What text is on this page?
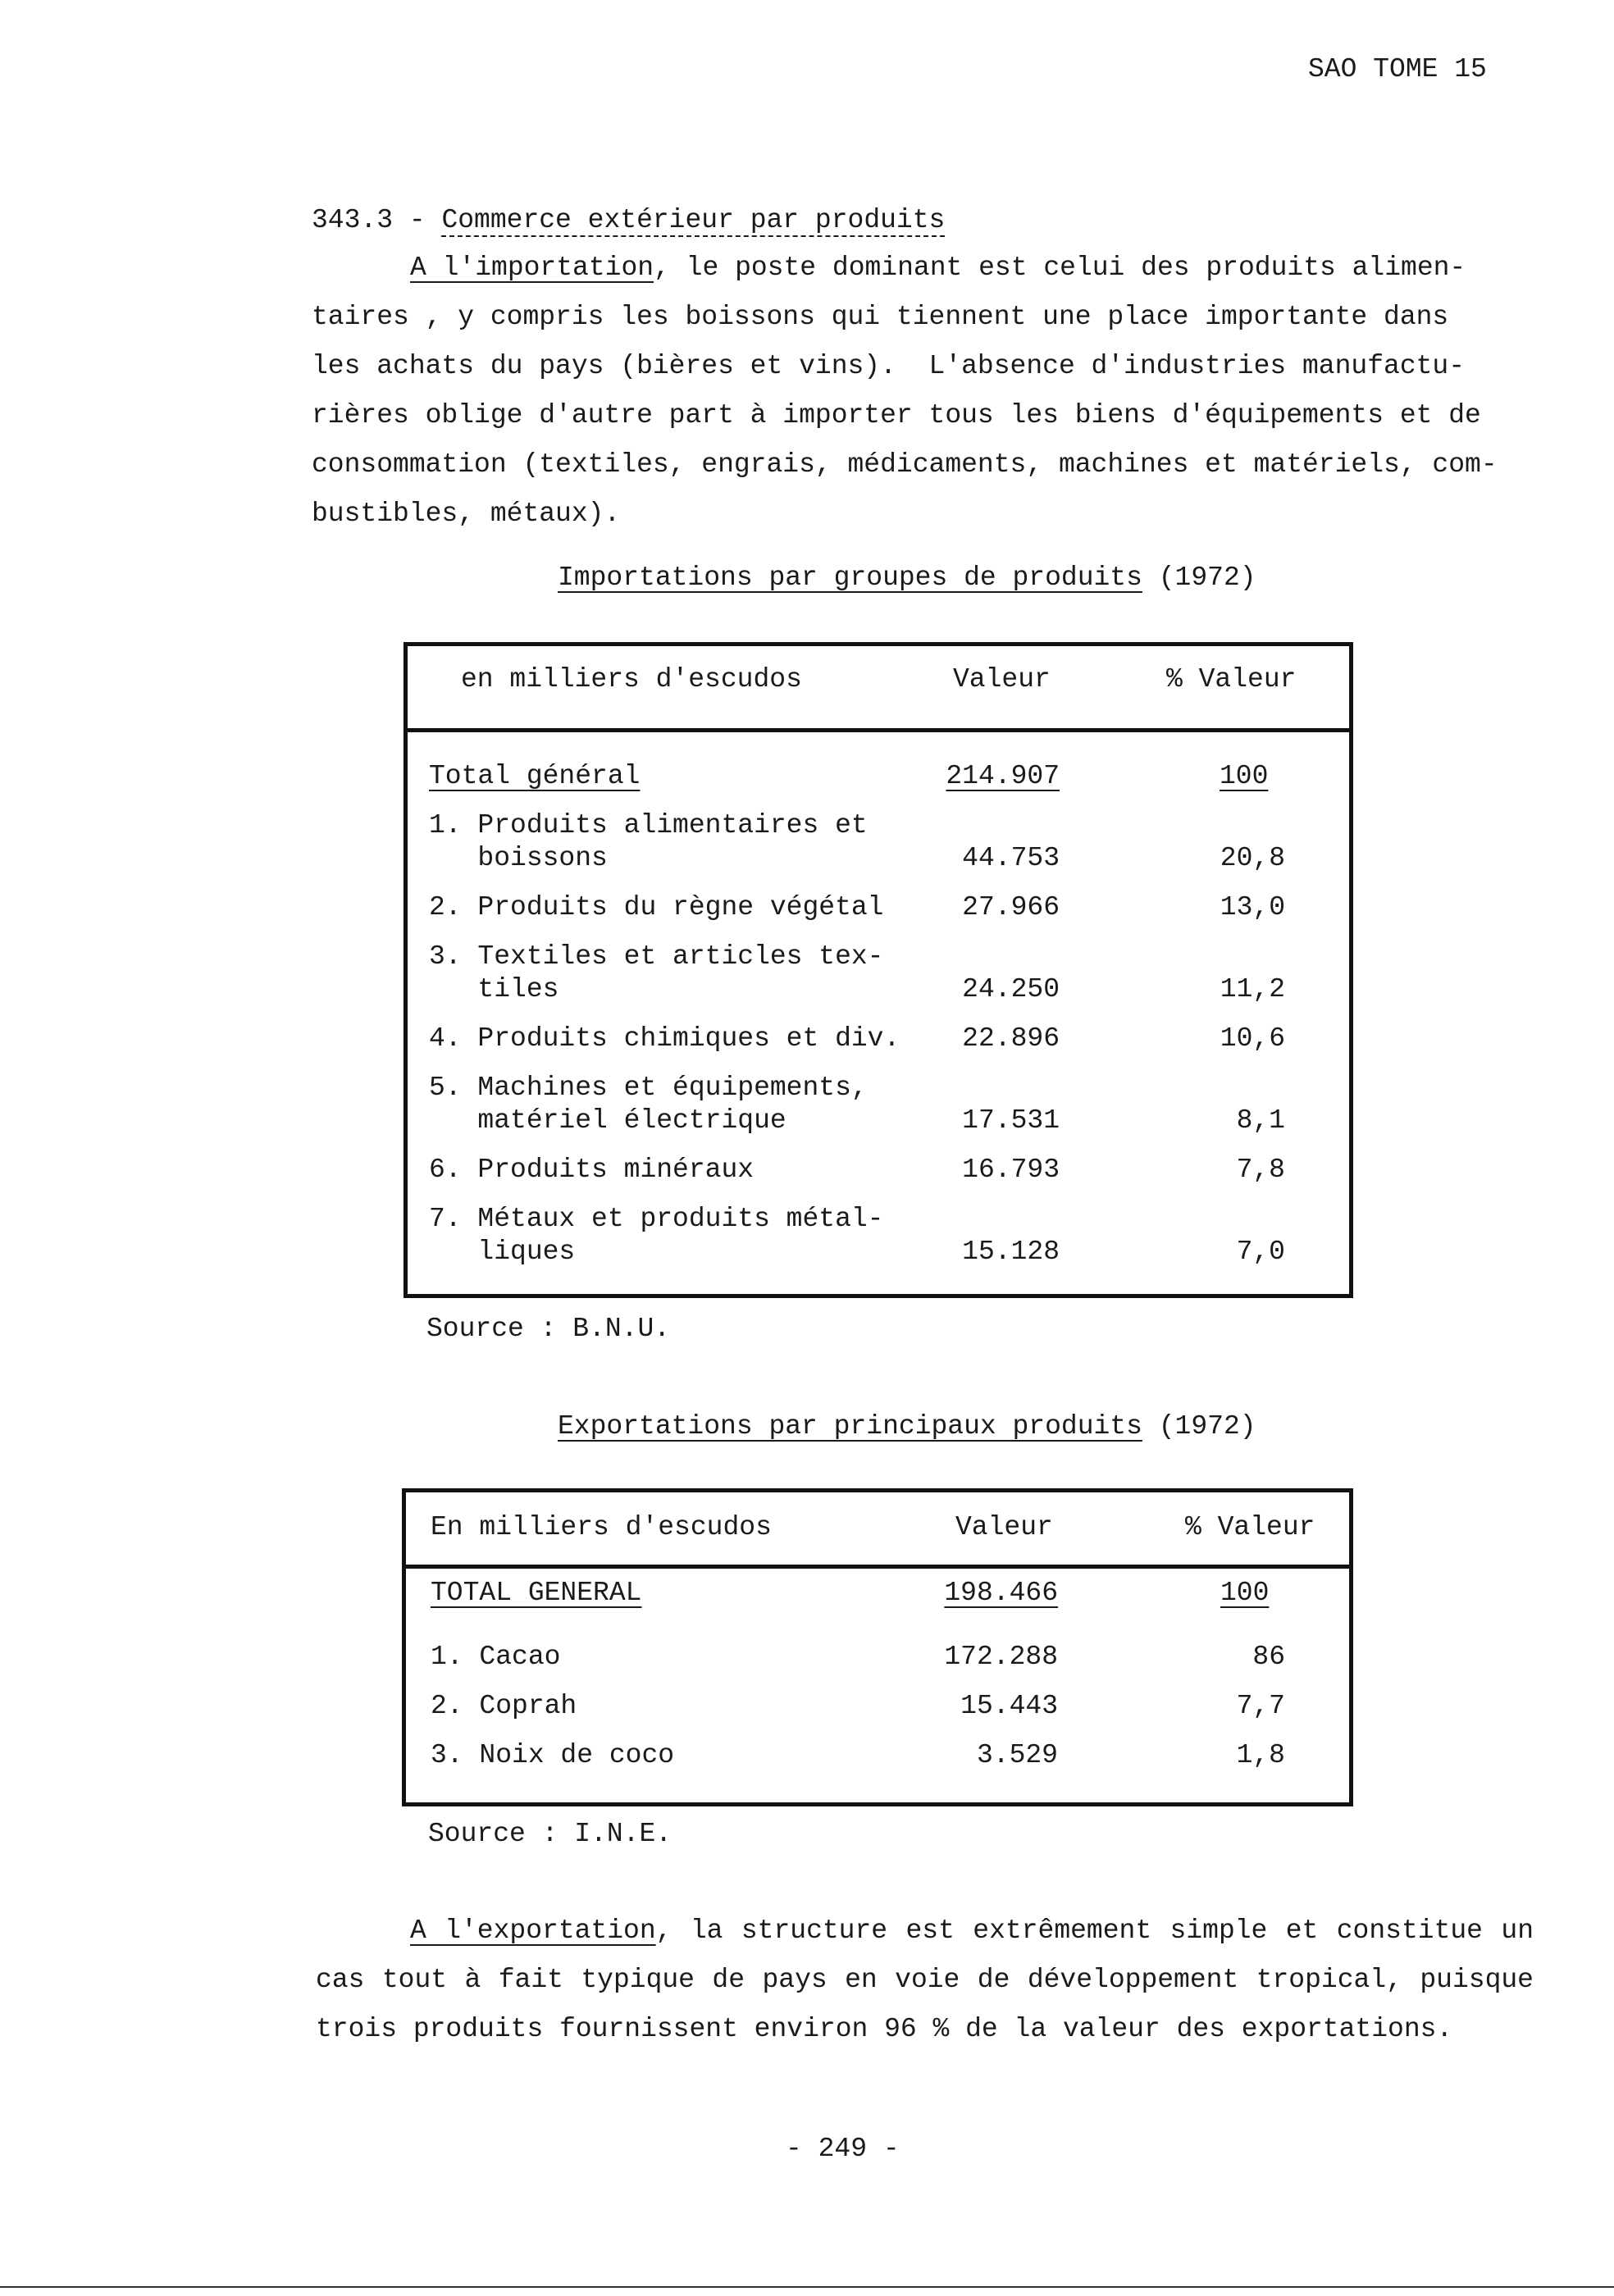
SAO TOME 15
343.3 - Commerce extérieur par produits
A l'importation, le poste dominant est celui des produits alimen-
taires , y compris les boissons qui tiennent une place importante dans
les achats du pays (bières et vins).  L'absence d'industries manufactu-
rières oblige d'autre part à importer tous les biens d'équipements et de
consommation (textiles, engrais, médicaments, machines et matériels, com-
bustibles, métaux).
Importations par groupes de produits (1972)
en milliers d'escudos	Valeur	% Valeur
Total général	214.907	100
1. Produits alimentaires et
boissons	44.753	20,8
2. Produits du règne végétal	27.966	13,0
3. Textiles et articles tex-
tiles	24.250	11,2
4. Produits chimiques et div.	22.896	10,6
5. Machines et équipements,
matériel électrique	17.531	8,1
6. Produits minéraux	16.793	7,8
7. Métaux et produits métal-
liques	15.128	7,0
Source : B.N.U.
Exportations par principaux produits (1972)
En milliers d'escudos	Valeur	% Valeur
TOTAL GENERAL	198.466	100
1. Cacao	172.288	86
2. Coprah	15.443	7,7
3. Noix de coco	3.529	1,8
Source : I.N.E.
A l'exportation, la structure est extrêmement simple et constitue un
cas tout à fait typique de pays en voie de développement tropical, puisque
trois produits fournissent environ 96 % de la valeur des exportations.
- 249 -
